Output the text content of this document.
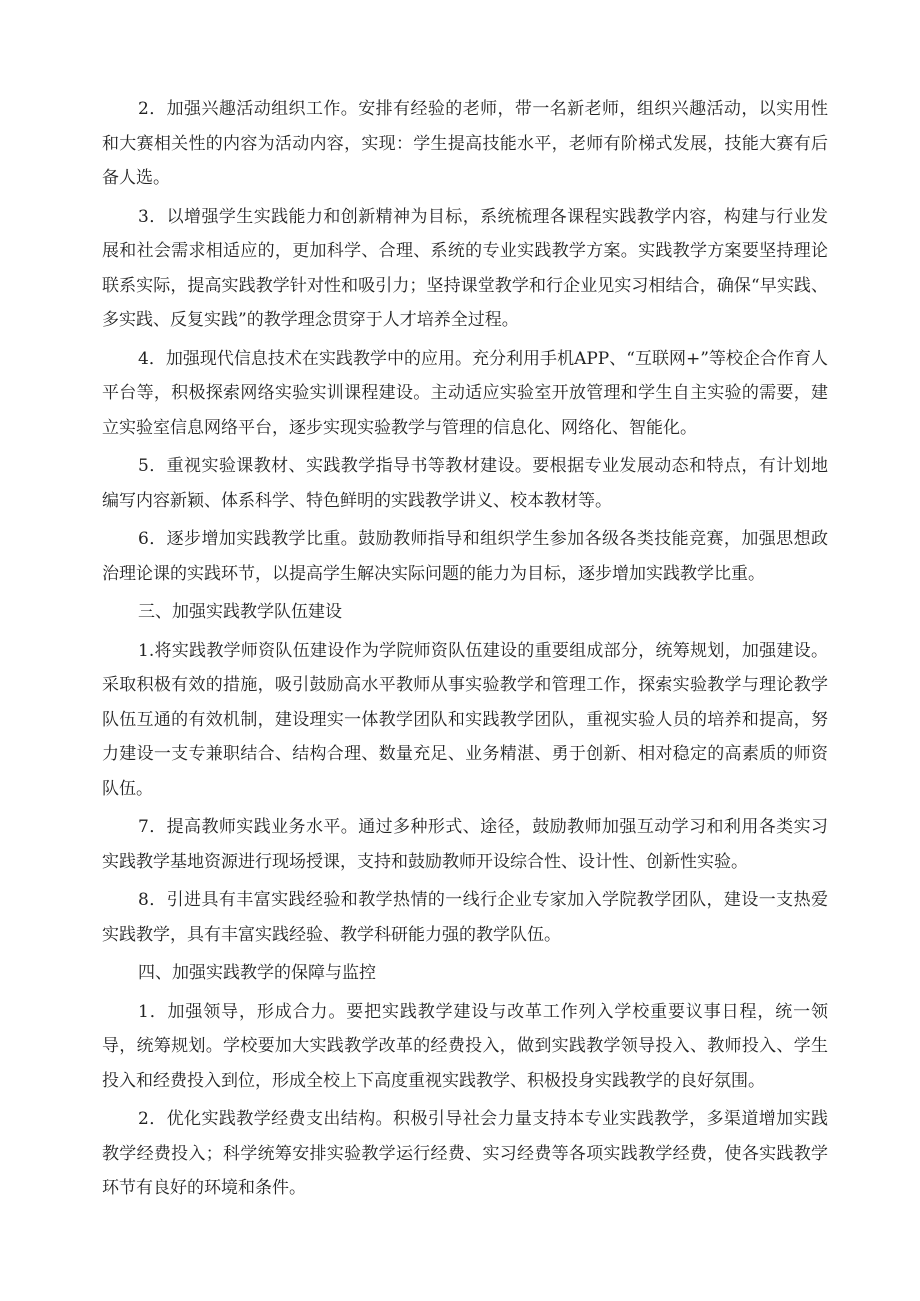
2．加强兴趣活动组织工作。安排有经验的老师，带一名新老师，组织兴趣活动，以实用性和大赛相关性的内容为活动内容，实现：学生提高技能水平，老师有阶梯式发展，技能大赛有后备人选。

3．以增强学生实践能力和创新精神为目标，系统梳理各课程实践教学内容，构建与行业发展和社会需求相适应的，更加科学、合理、系统的专业实践教学方案。实践教学方案要坚持理论联系实际，提高实践教学针对性和吸引力；坚持课堂教学和行企业见实习相结合，确保“早实践、多实践、反复实践”的教学理念贯穿于人才培养全过程。

4．加强现代信息技术在实践教学中的应用。充分利用手机APP、“互联网+”等校企合作育人平台等，积极探索网络实验实训课程建设。主动适应实验室开放管理和学生自主实验的需要，建立实验室信息网络平台，逐步实现实验教学与管理的信息化、网络化、智能化。

5．重视实验课教材、实践教学指导书等教材建设。要根据专业发展动态和特点，有计划地编写内容新颖、体系科学、特色鲜明的实践教学讲义、校本教材等。

6．逐步增加实践教学比重。鼓励教师指导和组织学生参加各级各类技能竞赛，加强思想政治理论课的实践环节，以提高学生解决实际问题的能力为目标，逐步增加实践教学比重。

三、加强实践教学队伍建设

1.将实践教学师资队伍建设作为学院师资队伍建设的重要组成部分，统筹规划，加强建设。采取积极有效的措施，吸引鼓励高水平教师从事实验教学和管理工作，探索实验教学与理论教学队伍互通的有效机制，建设理实一体教学团队和实践教学团队，重视实验人员的培养和提高，努力建设一支专兼职结合、结构合理、数量充足、业务精湛、勇于创新、相对稳定的高素质的师资队伍。

7．提高教师实践业务水平。通过多种形式、途径，鼓励教师加强互动学习和利用各类实习实践教学基地资源进行现场授课，支持和鼓励教师开设综合性、设计性、创新性实验。

8．引进具有丰富实践经验和教学热情的一线行企业专家加入学院教学团队，建设一支热爱实践教学，具有丰富实践经验、教学科研能力强的教学队伍。

四、加强实践教学的保障与监控

1．加强领导，形成合力。要把实践教学建设与改革工作列入学校重要议事日程，统一领导，统筹规划。学校要加大实践教学改革的经费投入，做到实践教学领导投入、教师投入、学生投入和经费投入到位，形成全校上下高度重视实践教学、积极投身实践教学的良好氛围。

2．优化实践教学经费支出结构。积极引导社会力量支持本专业实践教学，多渠道增加实践教学经费投入；科学统筹安排实验教学运行经费、实习经费等各项实践教学经费，使各实践教学环节有良好的环境和条件。
